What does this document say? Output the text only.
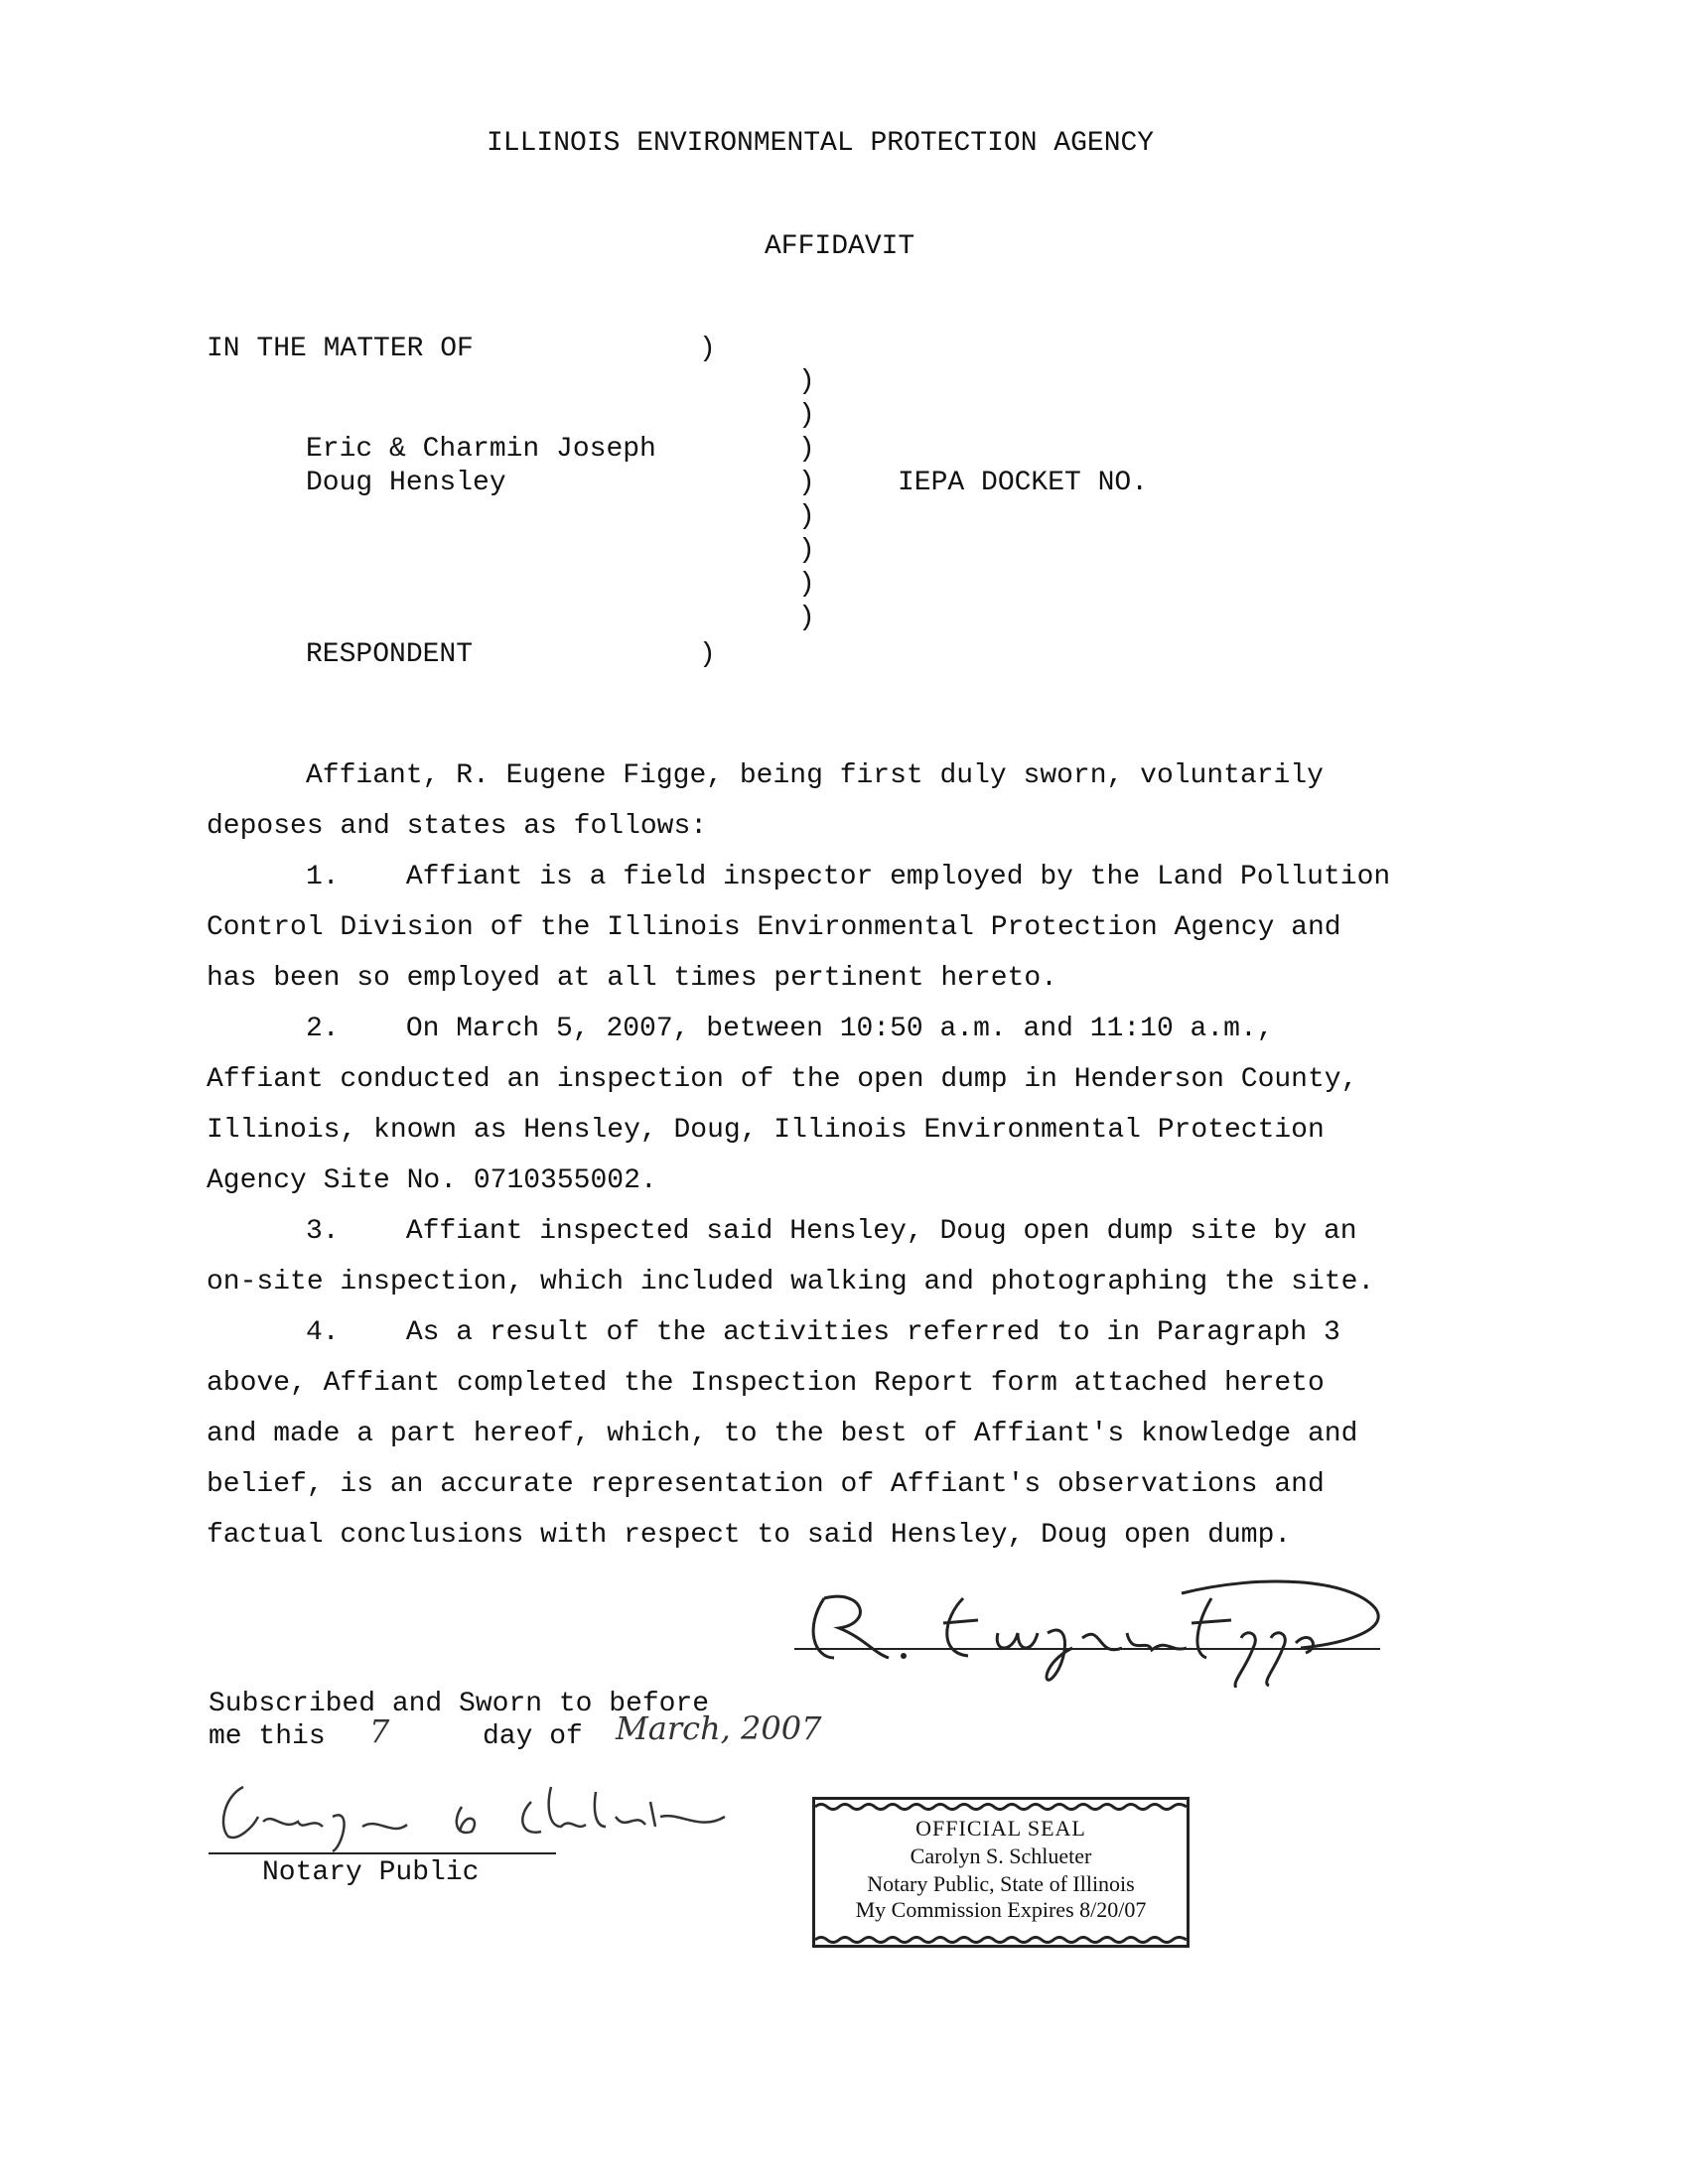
ILLINOIS ENVIRONMENTAL PROTECTION AGENCY
AFFIDAVIT
IN THE MATTER OF	)
)
)
Eric & Charmin Joseph	)
Doug Hensley	)	IEPA DOCKET NO.
)
)
)
)
RESPONDENT	)
Affiant, R. Eugene Figge, being first duly sworn, voluntarily
deposes and states as follows:
1.    Affiant is a field inspector employed by the Land Pollution
Control Division of the Illinois Environmental Protection Agency and
has been so employed at all times pertinent hereto.
2.    On March 5, 2007, between 10:50 a.m. and 11:10 a.m.,
Affiant conducted an inspection of the open dump in Henderson County,
Illinois, known as Hensley, Doug, Illinois Environmental Protection
Agency Site No. 0710355002.
3.    Affiant inspected said Hensley, Doug open dump site by an
on-site inspection, which included walking and photographing the site.
4.    As a result of the activities referred to in Paragraph 3
above, Affiant completed the Inspection Report form attached hereto
and made a part hereof, which, to the best of Affiant's knowledge and
belief, is an accurate representation of Affiant's observations and
factual conclusions with respect to said Hensley, Doug open dump.
Subscribed and Sworn to before
me this 7	day of March, 2007
Notary Public
OFFICIAL SEAL
Carolyn S. Schlueter
Notary Public, State of Illinois
My Commission Expires 8/20/07
